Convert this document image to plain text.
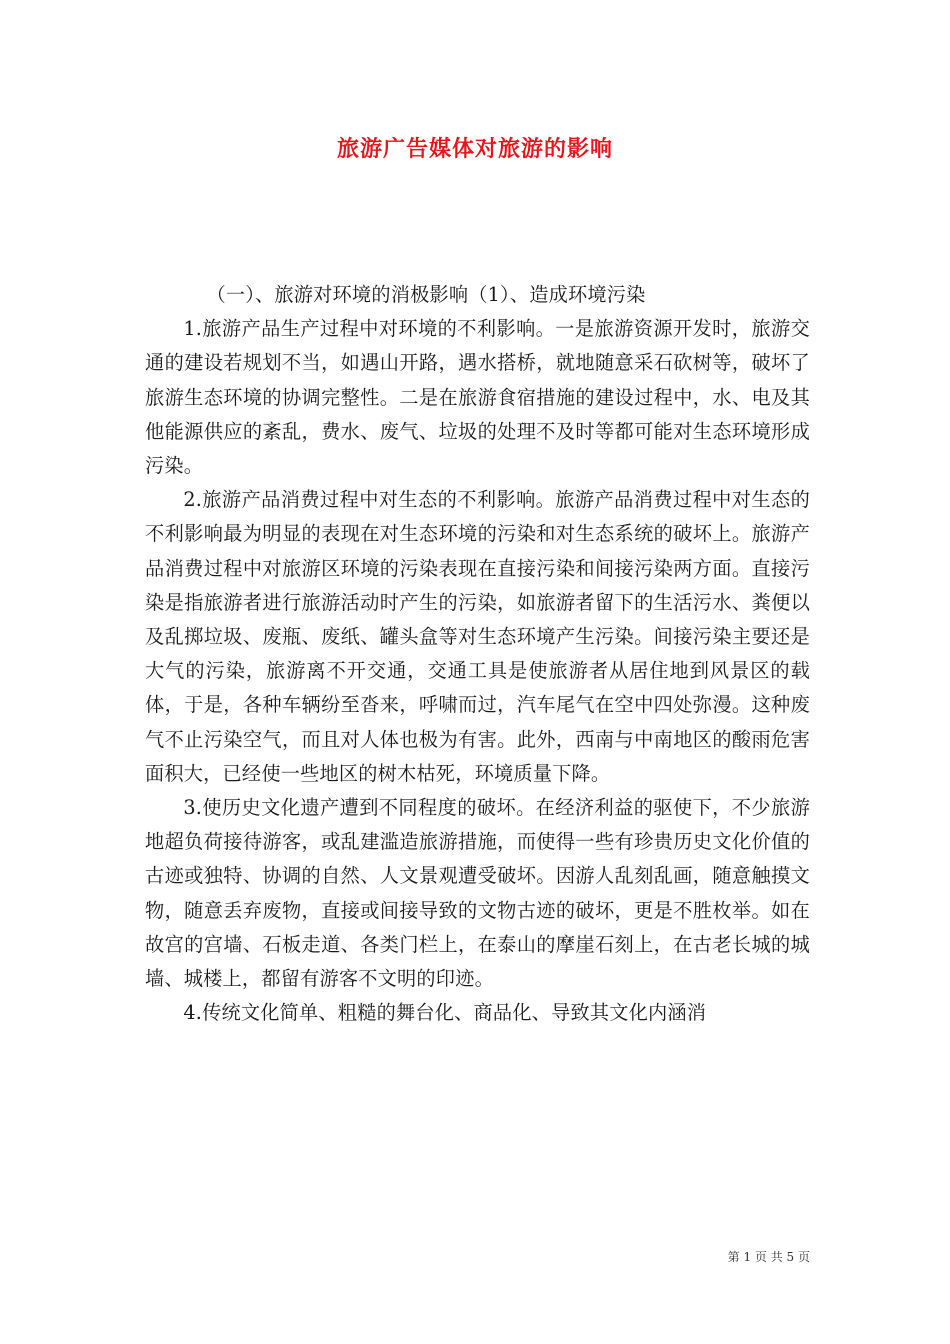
旅游广告媒体对旅游的影响

（一）、旅游对环境的消极影响（1）、造成环境污染

1.旅游产品生产过程中对环境的不利影响。一是旅游资源开发时，旅游交通的建设若规划不当，如遇山开路，遇水搭桥，就地随意采石砍树等，破坏了旅游生态环境的协调完整性。二是在旅游食宿措施的建设过程中，水、电及其他能源供应的紊乱，费水、废气、垃圾的处理不及时等都可能对生态环境形成污染。

2.旅游产品消费过程中对生态的不利影响。旅游产品消费过程中对生态的不利影响最为明显的表现在对生态环境的污染和对生态系统的破坏上。旅游产品消费过程中对旅游区环境的污染表现在直接污染和间接污染两方面。直接污染是指旅游者进行旅游活动时产生的污染，如旅游者留下的生活污水、粪便以及乱掷垃圾、废瓶、废纸、罐头盒等对生态环境产生污染。间接污染主要还是大气的污染，旅游离不开交通，交通工具是使旅游者从居住地到风景区的载体，于是，各种车辆纷至沓来，呼啸而过，汽车尾气在空中四处弥漫。这种废气不止污染空气，而且对人体也极为有害。此外，西南与中南地区的酸雨危害面积大，已经使一些地区的树木枯死，环境质量下降。

3.使历史文化遗产遭到不同程度的破坏。在经济利益的驱使下，不少旅游地超负荷接待游客，或乱建滥造旅游措施，而使得一些有珍贵历史文化价值的古迹或独特、协调的自然、人文景观遭受破坏。因游人乱刻乱画，随意触摸文物，随意丢弃废物，直接或间接导致的文物古迹的破坏，更是不胜枚举。如在故宫的宫墙、石板走道、各类门栏上，在泰山的摩崖石刻上，在古老长城的城墙、城楼上，都留有游客不文明的印迹。

4.传统文化简单、粗糙的舞台化、商品化、导致其文化内涵消

第 1 页 共 5 页
